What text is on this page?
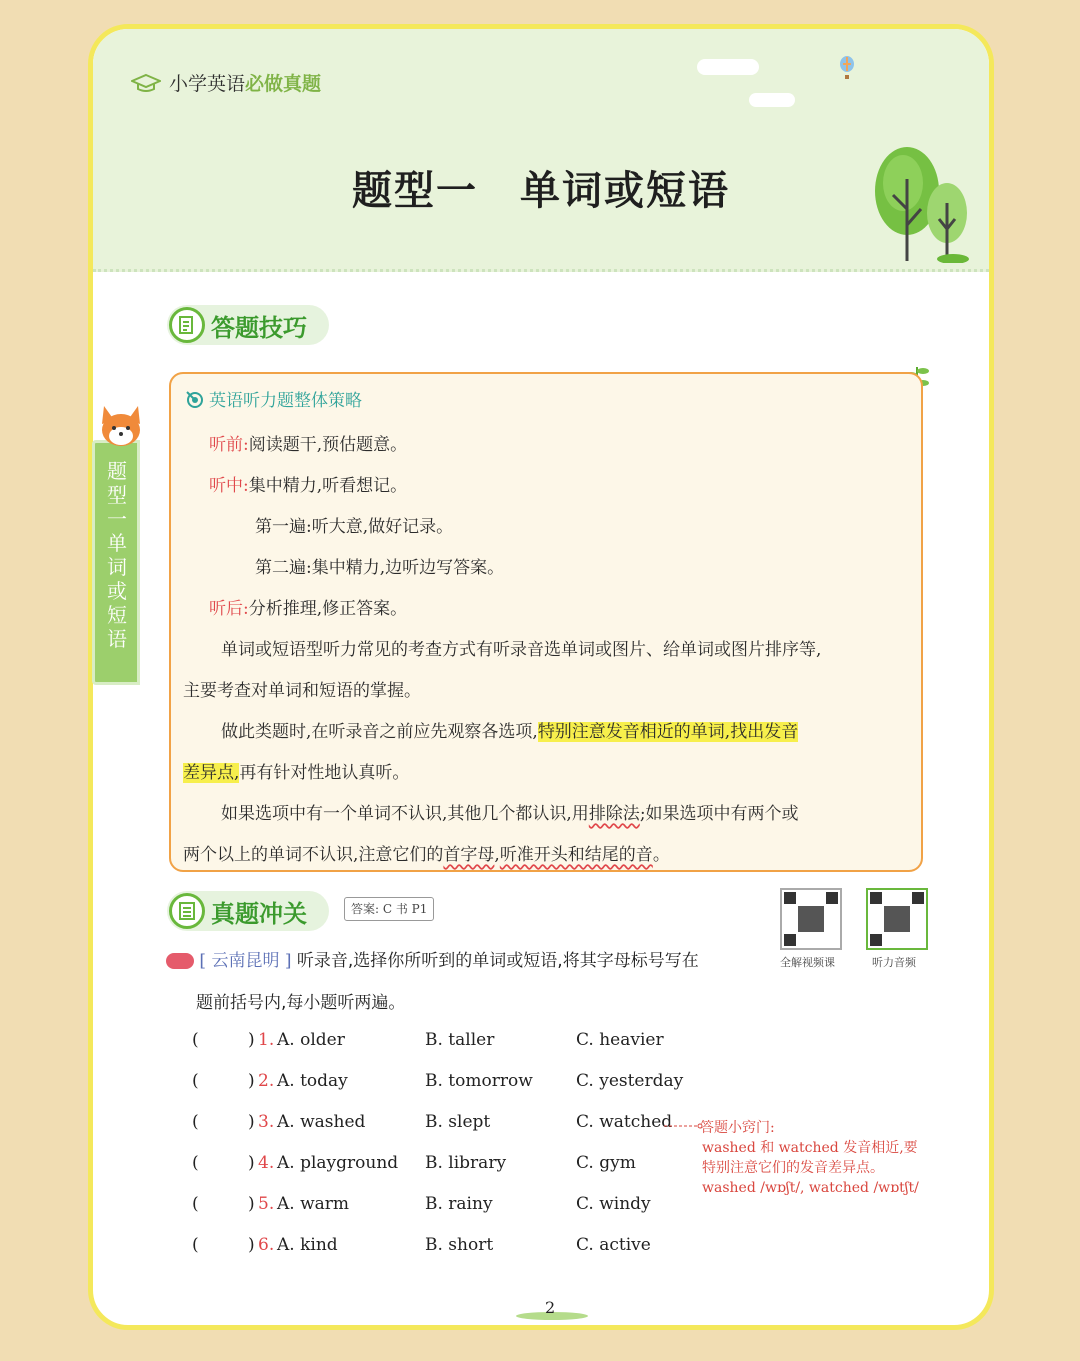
小学英语 必做真题
题型一　单词或短语
答题技巧
英语听力题整体策略
听前:阅读题干,预估题意。
听中:集中精力,听看想记。
第一遍:听大意,做好记录。
第二遍:集中精力,边听边写答案。
听后:分析推理,修正答案。
单词或短语型听力常见的考查方式有听录音选单词或图片、给单词或图片排序等,
主要考查对单词和短语的掌握。
做此类题时,在听录音之前应先观察各选项,特别注意发音相近的单词,找出发音
差异点,再有针对性地认真听。
如果选项中有一个单词不认识,其他几个都认识,用排除法;如果选项中有两个或
两个以上的单词不认识,注意它们的首字母,听准开头和结尾的音。
真题冲关
题型一　单词或短语
答案: C 书 P1
全解视频课	听力音频
[ 云南昆明 ] 听录音,选择你所听到的单词或短语,将其字母标号写在
题前括号内,每小题听两遍。
(	) 1. A. older	B. taller	C. heavier
(	) 2. A. today	B. tomorrow	C. yesterday
(	) 3. A. washed	B. slept	C. watched
(	) 4. A. playground B. library	C. gym
(	) 5. A. warm	B. rainy	C. windy
(	) 6. A. kind	B. short	C. active
答题小窍门:
washed 和 watched 发音相近,要
特别注意它们的发音差异点。
washed /wɒʃt/, watched /wɒtʃt/
2
